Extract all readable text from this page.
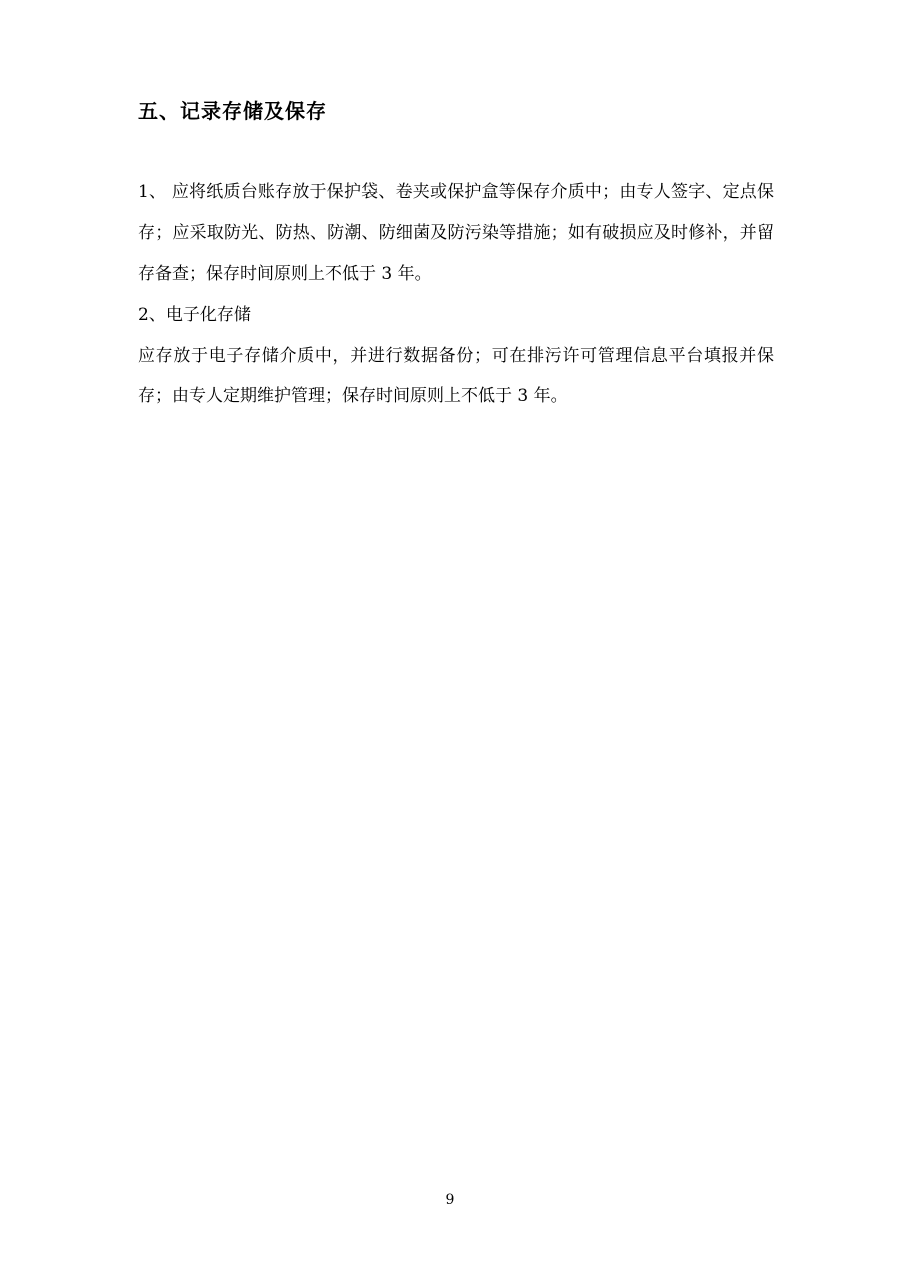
五、记录存储及保存

1、 应将纸质台账存放于保护袋、卷夹或保护盒等保存介质中；由专人签字、定点保存；应采取防光、防热、防潮、防细菌及防污染等措施；如有破损应及时修补，并留存备查；保存时间原则上不低于 3 年。

2、电子化存储

应存放于电子存储介质中，并进行数据备份；可在排污许可管理信息平台填报并保存；由专人定期维护管理；保存时间原则上不低于 3 年。

9
